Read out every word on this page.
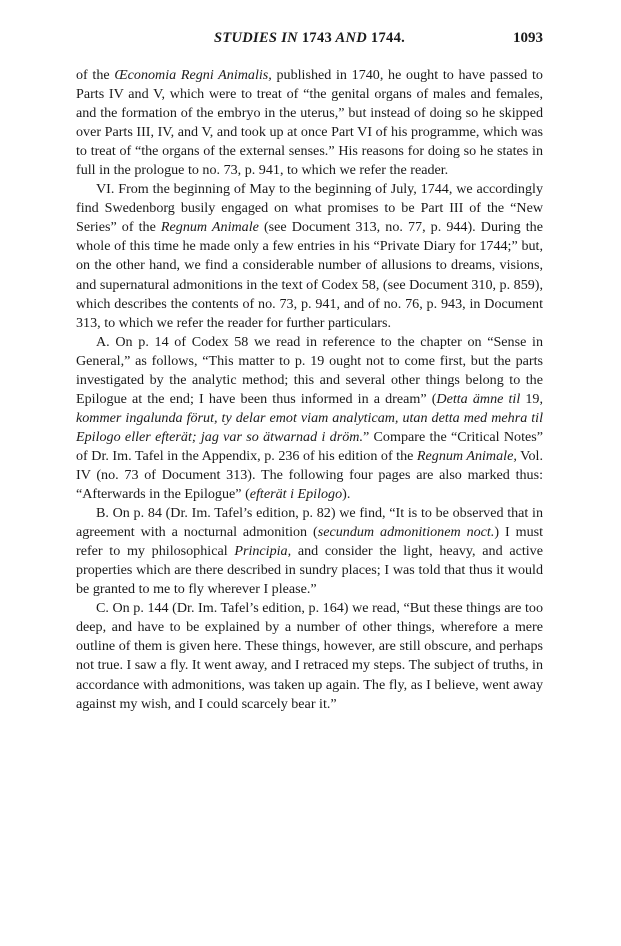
STUDIES IN 1743 AND 1744.	1093

of the Œconomia Regni Animalis, published in 1740, he ought to have passed to Parts IV and V, which were to treat of “the genital organs of males and females, and the formation of the embryo in the uterus,” but instead of doing so he skipped over Parts III, IV, and V, and took up at once Part VI of his programme, which was to treat of “the organs of the external senses.” His reasons for doing so he states in full in the prologue to no. 73, p. 941, to which we refer the reader.

VI. From the beginning of May to the beginning of July, 1744, we accordingly find Swedenborg busily engaged on what promises to be Part III of the “New Series” of the Regnum Animale (see Document 313, no. 77, p. 944). During the whole of this time he made only a few entries in his “Private Diary for 1744;” but, on the other hand, we find a considerable number of allusions to dreams, visions, and supernatural admonitions in the text of Codex 58, (see Document 310, p. 859), which describes the contents of no. 73, p. 941, and of no. 76, p. 943, in Document 313, to which we refer the reader for further particulars.

A. On p. 14 of Codex 58 we read in reference to the chapter on “Sense in General,” as follows, “This matter to p. 19 ought not to come first, but the parts investigated by the analytic method; this and several other things belong to the Epilogue at the end; I have been thus informed in a dream” (Detta ämne til 19, kommer ingalunda förut, ty delar emot viam analyticam, utan detta med mehra til Epilogo eller efterät; jag var so ätwarnad i dröm.” Compare the “Critical Notes” of Dr. Im. Tafel in the Appendix, p. 236 of his edition of the Regnum Animale, Vol. IV (no. 73 of Document 313). The following four pages are also marked thus: “Afterwards in the Epilogue” (efterät i Epilogo).

B. On p. 84 (Dr. Im. Tafel’s edition, p. 82) we find, “It is to be observed that in agreement with a nocturnal admonition (secundum admonitionem noct.) I must refer to my philosophical Principia, and consider the light, heavy, and active properties which are there described in sundry places; I was told that thus it would be granted to me to fly wherever I please.”

C. On p. 144 (Dr. Im. Tafel’s edition, p. 164) we read, “But these things are too deep, and have to be explained by a number of other things, wherefore a mere outline of them is given here. These things, however, are still obscure, and perhaps not true. I saw a fly. It went away, and I retraced my steps. The subject of truths, in accordance with admonitions, was taken up again. The fly, as I believe, went away against my wish, and I could scarcely bear it.”
